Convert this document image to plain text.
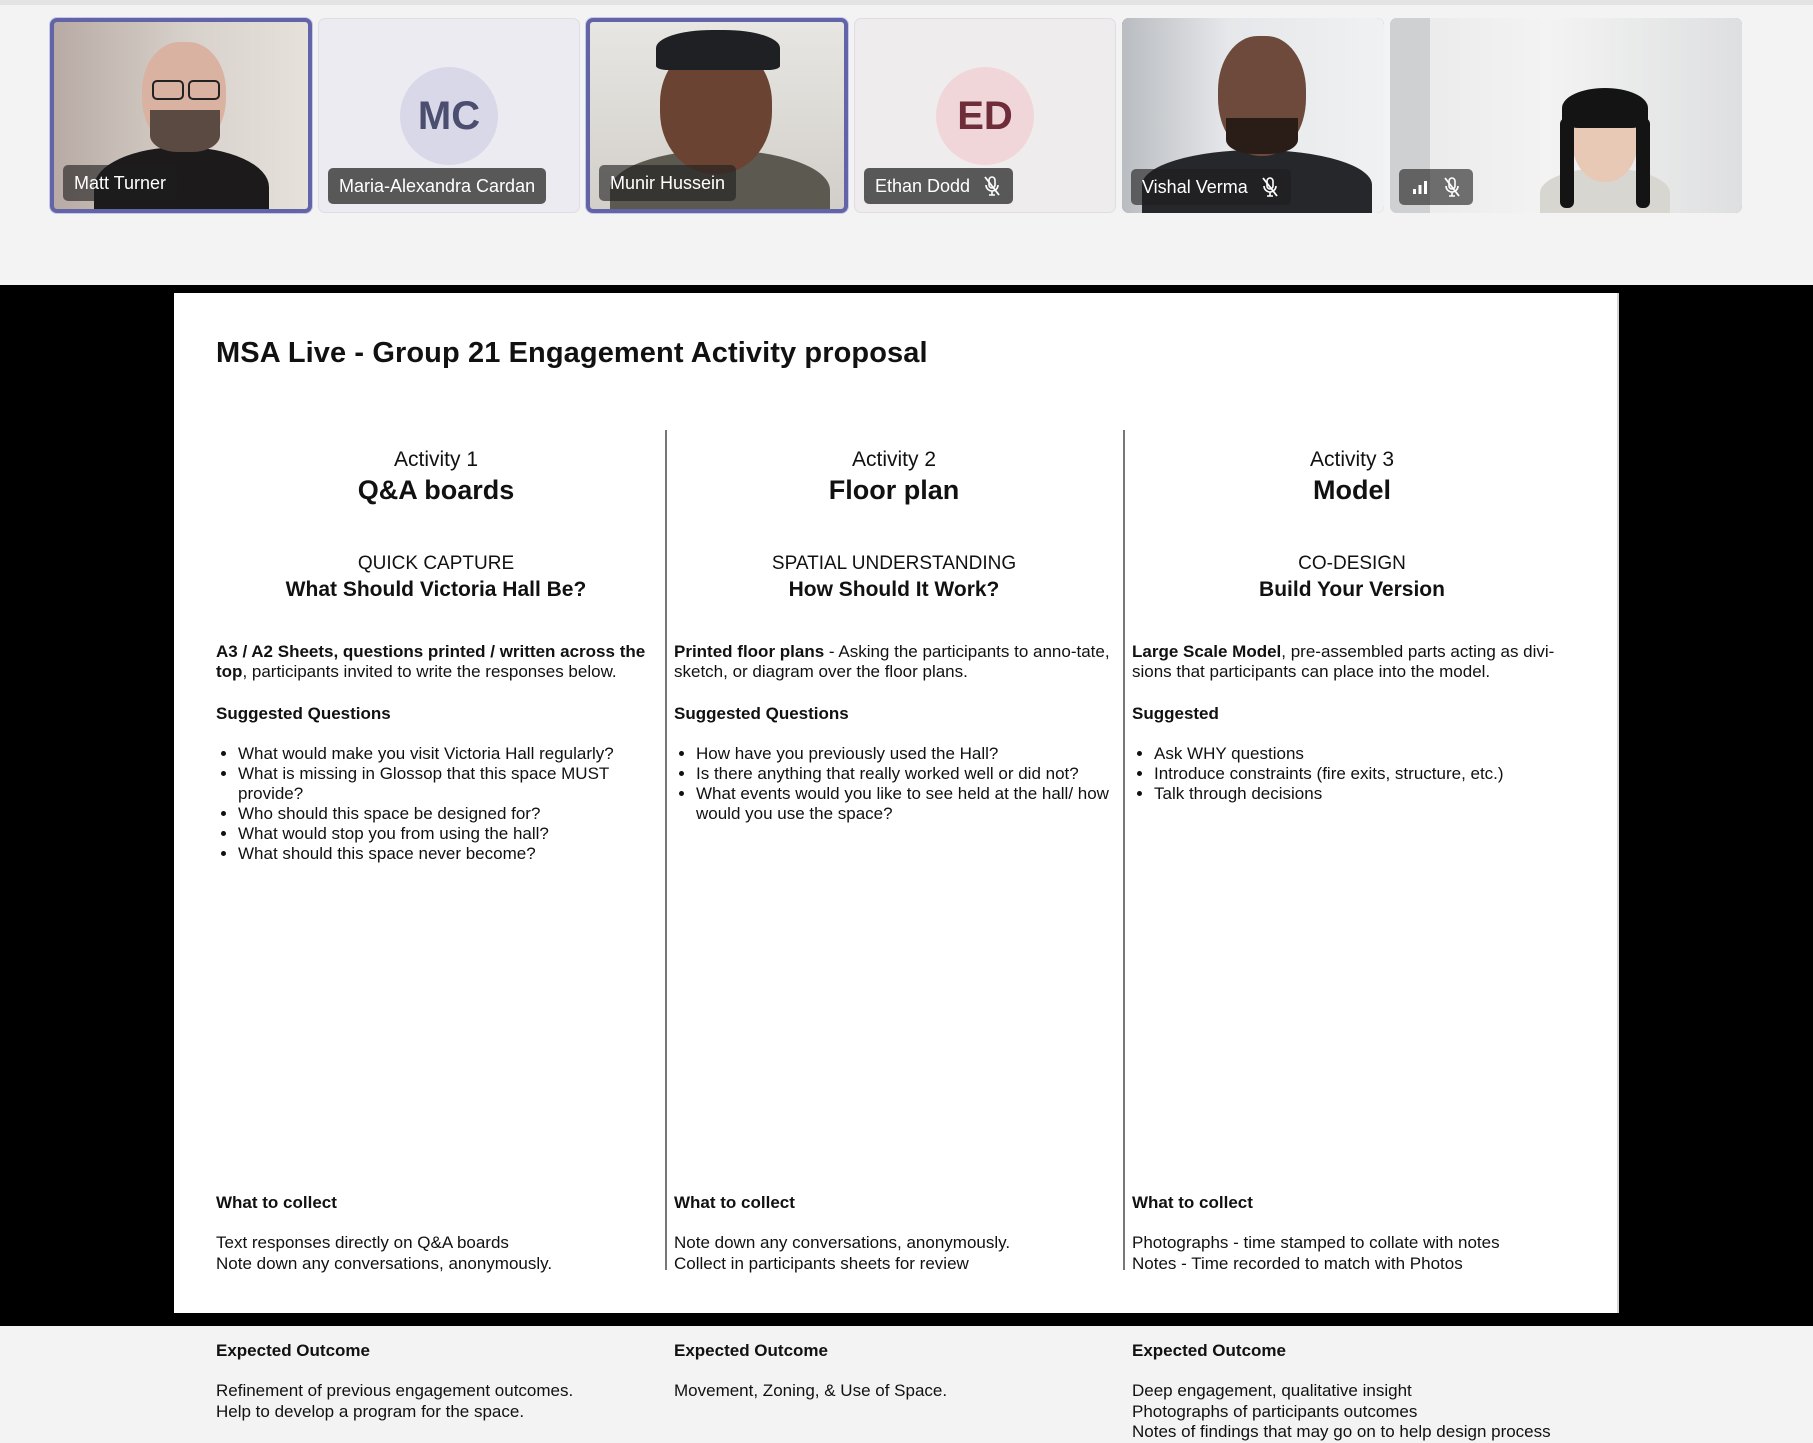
Matt Turner
MC
Maria-Alexandra Cardan	Munir Hussein
ED
Ethan Dodd	Vishal Verma
MSA Live - Group 21 Engagement Activity proposal
Activity 1
Q&A boards
QUICK CAPTURE
What Should Victoria Hall Be?
A3 / A2 Sheets, questions printed / written across the top, participants invited to write the responses below.
Suggested Questions
• What would make you visit Victoria Hall regularly?
• What is missing in Glossop that this space MUST provide?
• Who should this space be designed for?
• What would stop you from using the hall?
• What should this space never become?
What to collect
Text responses directly on Q&A boards
Note down any conversations, anonymously.
Expected Outcome
Refinement of previous engagement outcomes.
Help to develop a program for the space.
Activity 2
Floor plan
SPATIAL UNDERSTANDING
How Should It Work?
Printed floor plans - Asking the participants to anno-tate, sketch, or diagram over the floor plans.
Suggested Questions
• How have you previously used the Hall?
• Is there anything that really worked well or did not?
• What events would you like to see held at the hall/ how would you use the space?
What to collect
Note down any conversations, anonymously.
Collect in participants sheets for review
Expected Outcome
Movement, Zoning, & Use of Space.
Activity 3
Model
CO-DESIGN
Build Your Version
Large Scale Model, pre-assembled parts acting as divi-sions that participants can place into the model.
Suggested
• Ask WHY questions
• Introduce constraints (fire exits, structure, etc.)
• Talk through decisions
What to collect
Photographs - time stamped to collate with notes
Notes - Time recorded to match with Photos
Expected Outcome
Deep engagement, qualitative insight
Photographs of participants outcomes
Notes of findings that may go on to help design process
